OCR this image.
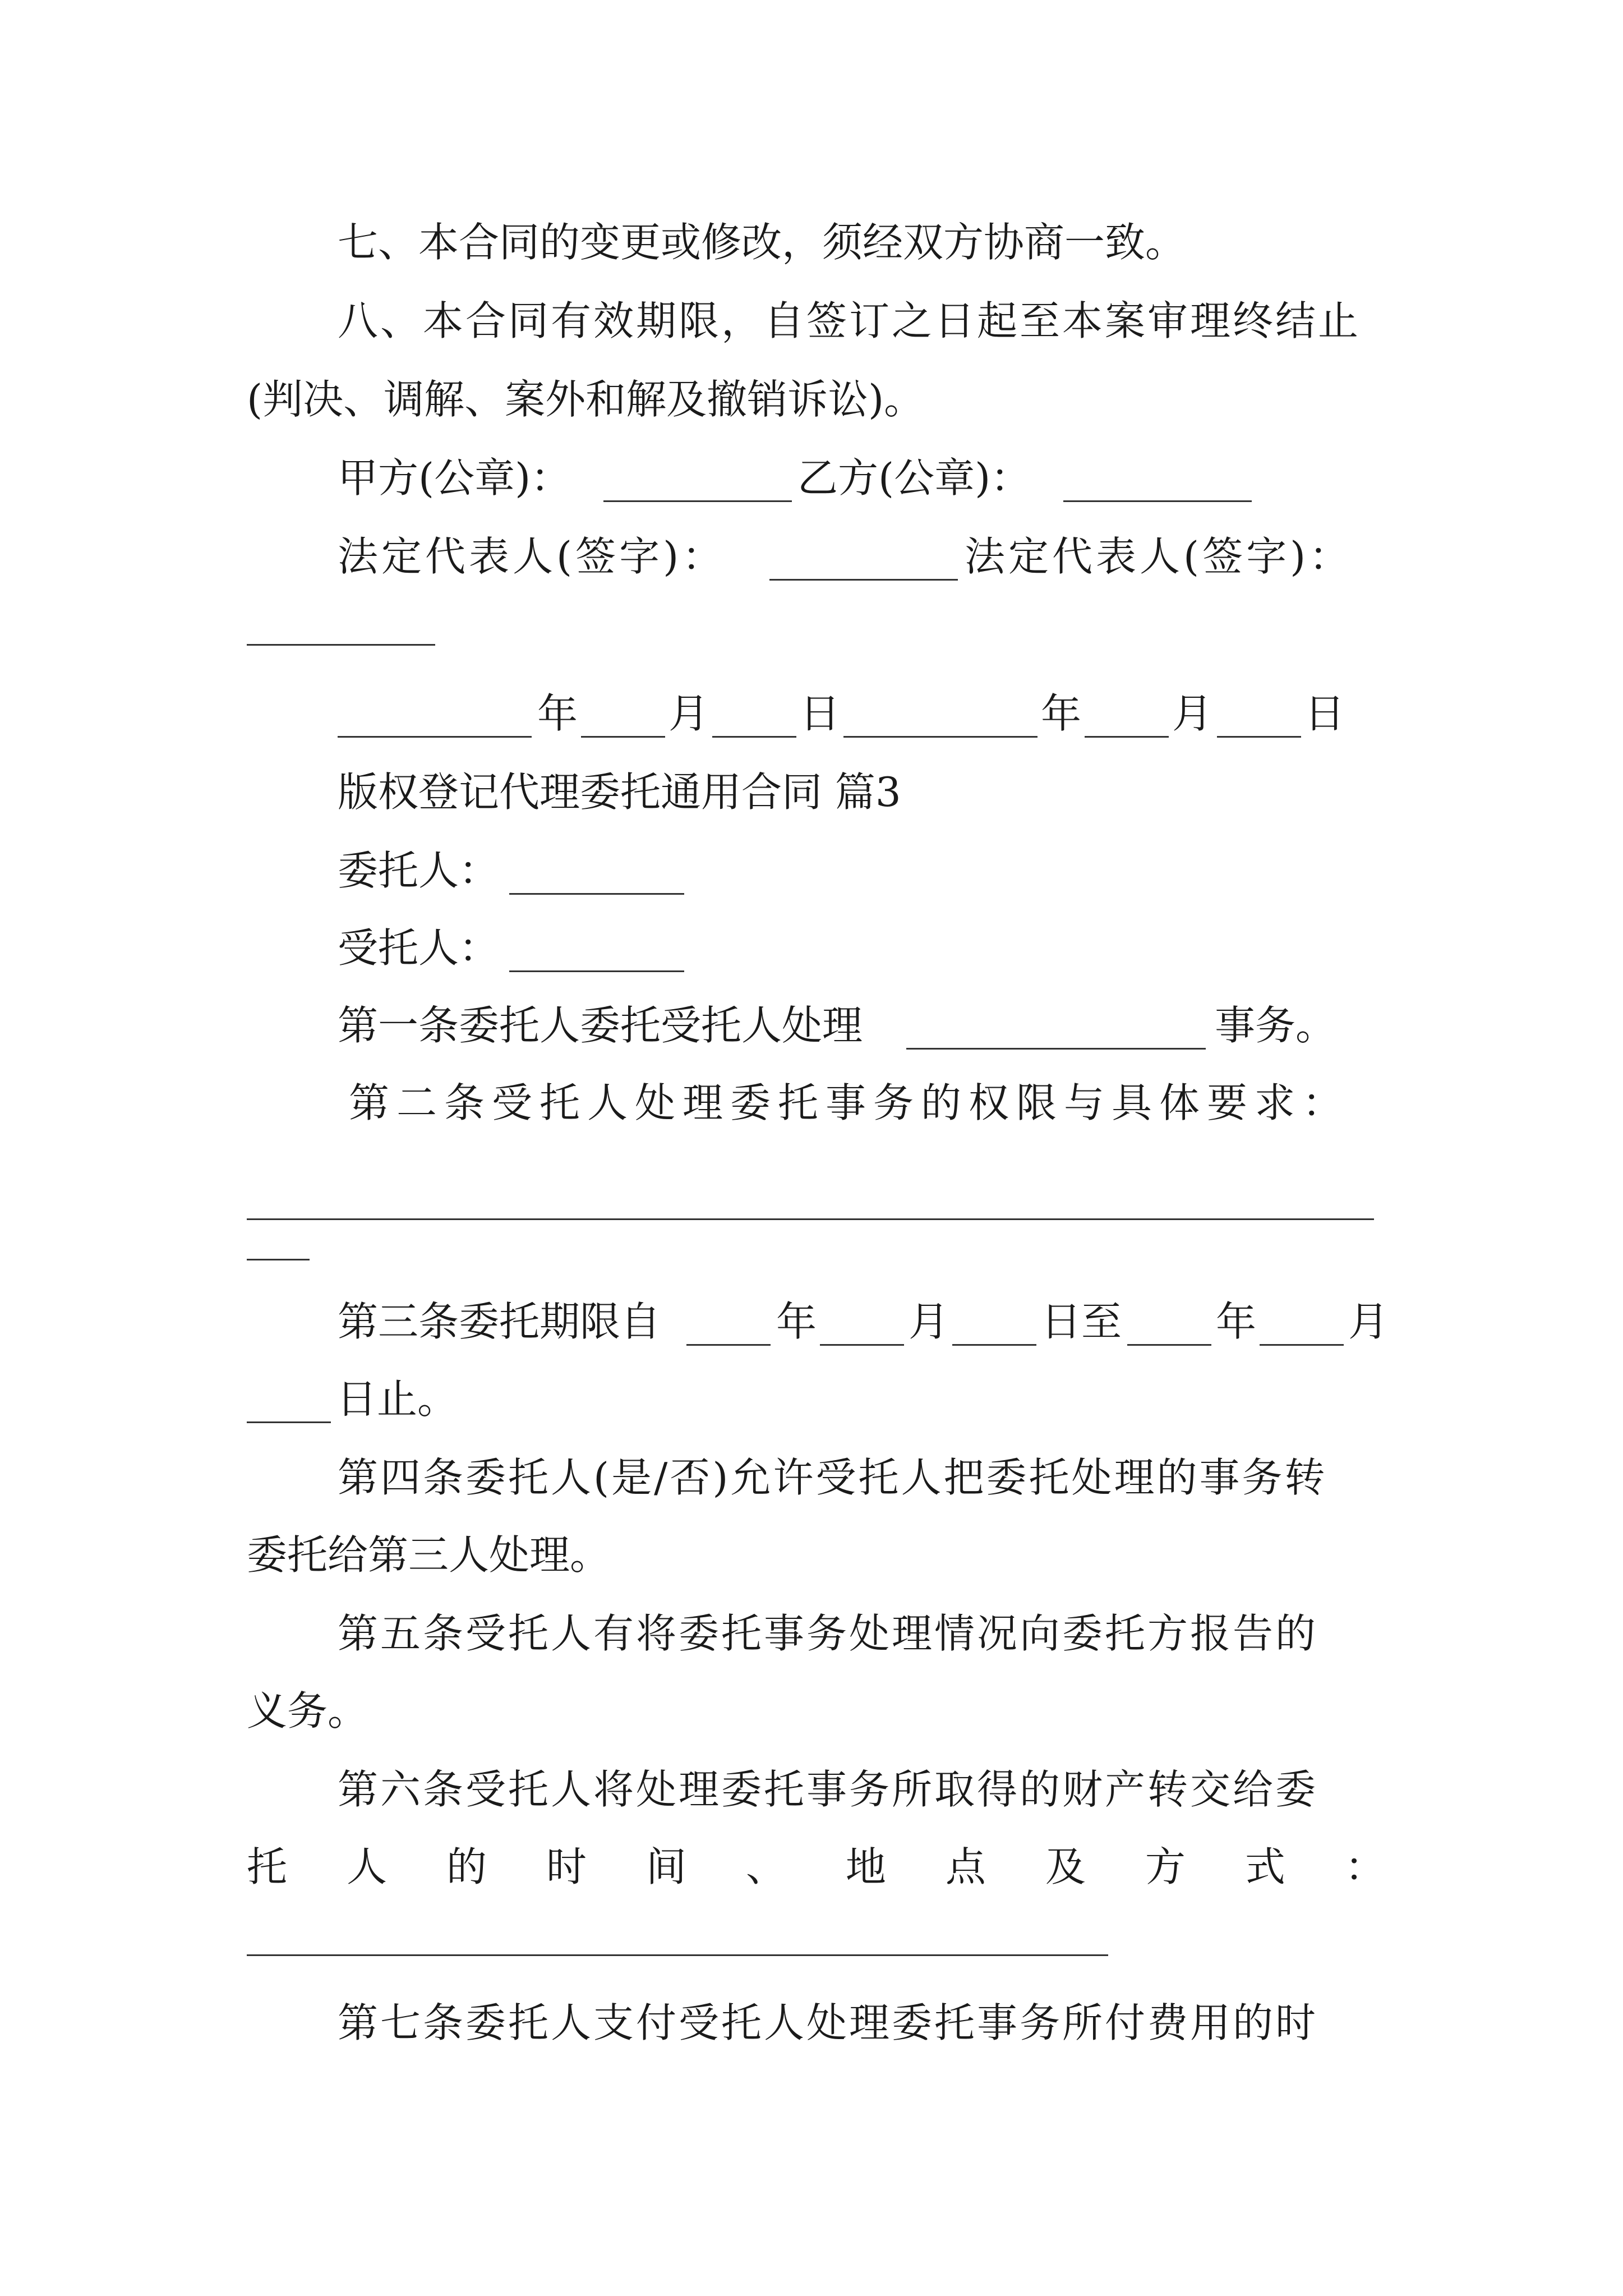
七、本合同的变更或修改，须经双方协商一致。
八、本合同有效期限，自签订之日起至本案审理终结止
(判决、调解、案外和解及撤销诉讼)。
甲方(公章)：	乙方(公章)：
法定代表人(签字)：	法定代表人(签字)：
年 月 日	年 月 日
版权登记代理委托通用合同 篇3
委托人：
受托人：
第一条委托人委托受托人处理	事务。
第二条受托人处理委托事务的权限与具体要求：
第三条委托期限自	年 月 日至 年 月
日止。
第四条委托人(是/否)允许受托人把委托处理的事务转
委托给第三人处理。
第五条受托人有将委托事务处理情况向委托方报告的
义务。
第六条受托人将处理委托事务所取得的财产转交给委
托 人 的 时 间 、 地 点 及 方 式 ：
第七条委托人支付受托人处理委托事务所付费用的时
